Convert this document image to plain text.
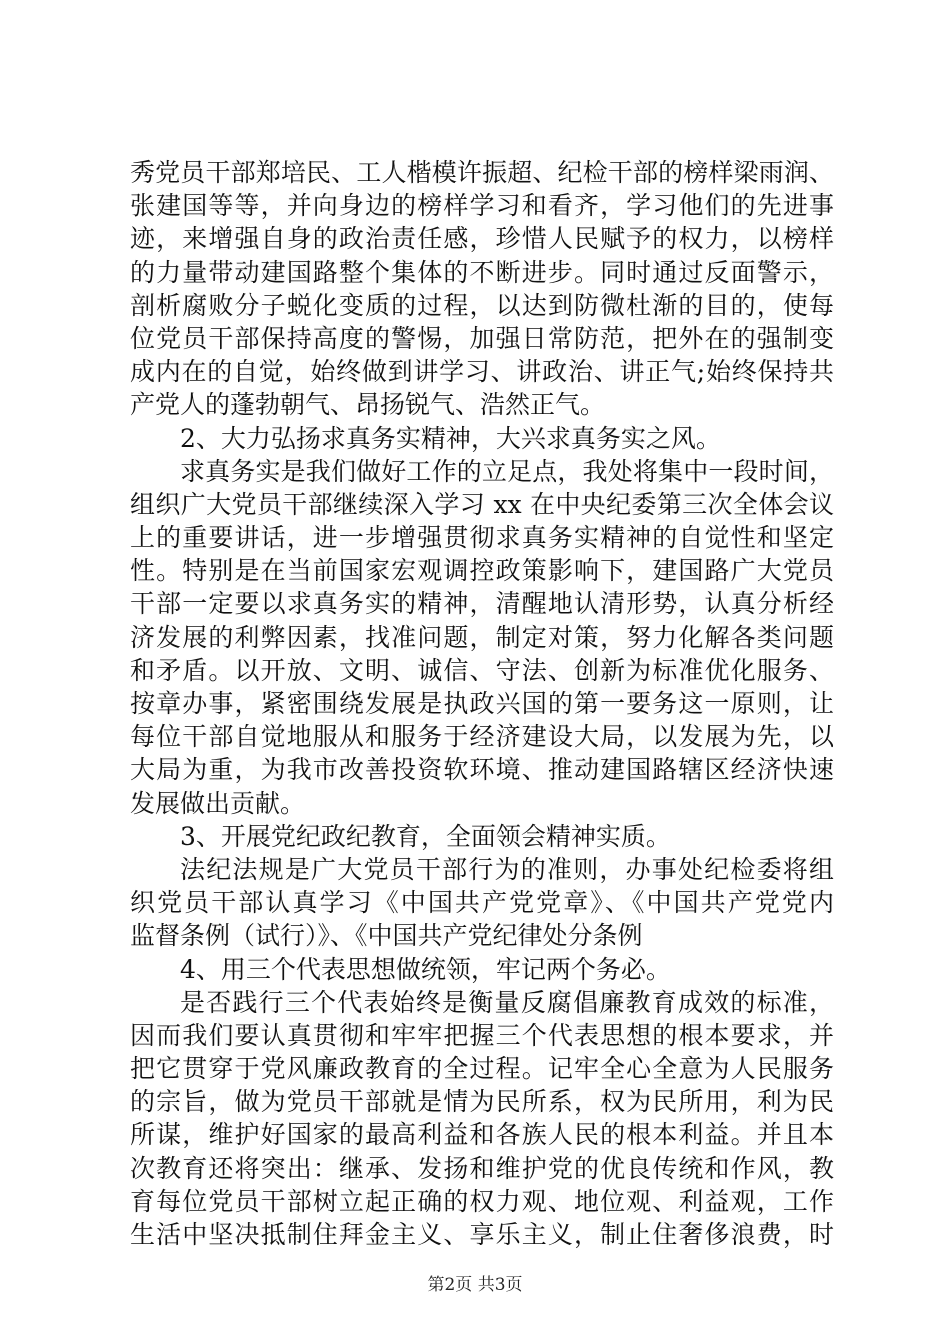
秀党员干部郑培民、工人楷模许振超、纪检干部的榜样梁雨润、
张建国等等，并向身边的榜样学习和看齐，学习他们的先进事
迹，来增强自身的政治责任感，珍惜人民赋予的权力，以榜样
的力量带动建国路整个集体的不断进步。同时通过反面警示，
剖析腐败分子蜕化变质的过程，以达到防微杜渐的目的，使每
位党员干部保持高度的警惕，加强日常防范，把外在的强制变
成内在的自觉，始终做到讲学习、讲政治、讲正气;始终保持共
产党人的蓬勃朝气、昂扬锐气、浩然正气。
2、大力弘扬求真务实精神，大兴求真务实之风。
求真务实是我们做好工作的立足点，我处将集中一段时间，
组织广大党员干部继续深入学习 xx 在中央纪委第三次全体会议
上的重要讲话，进一步增强贯彻求真务实精神的自觉性和坚定
性。特别是在当前国家宏观调控政策影响下，建国路广大党员
干部一定要以求真务实的精神，清醒地认清形势，认真分析经
济发展的利弊因素，找准问题，制定对策，努力化解各类问题
和矛盾。以开放、文明、诚信、守法、创新为标准优化服务、
按章办事，紧密围绕发展是执政兴国的第一要务这一原则，让
每位干部自觉地服从和服务于经济建设大局，以发展为先，以
大局为重，为我市改善投资软环境、推动建国路辖区经济快速
发展做出贡献。
3、开展党纪政纪教育，全面领会精神实质。
法纪法规是广大党员干部行为的准则，办事处纪检委将组
织党员干部认真学习《中国共产党党章》、《中国共产党党内
监督条例（试行）》、《中国共产党纪律处分条例
4、用三个代表思想做统领，牢记两个务必。
是否践行三个代表始终是衡量反腐倡廉教育成效的标准，
因而我们要认真贯彻和牢牢把握三个代表思想的根本要求，并
把它贯穿于党风廉政教育的全过程。记牢全心全意为人民服务
的宗旨，做为党员干部就是情为民所系，权为民所用，利为民
所谋，维护好国家的最高利益和各族人民的根本利益。并且本
次教育还将突出：继承、发扬和维护党的优良传统和作风，教
育每位党员干部树立起正确的权力观、地位观、利益观，工作
生活中坚决抵制住拜金主义、享乐主义，制止住奢侈浪费，时
第2页 共3页
